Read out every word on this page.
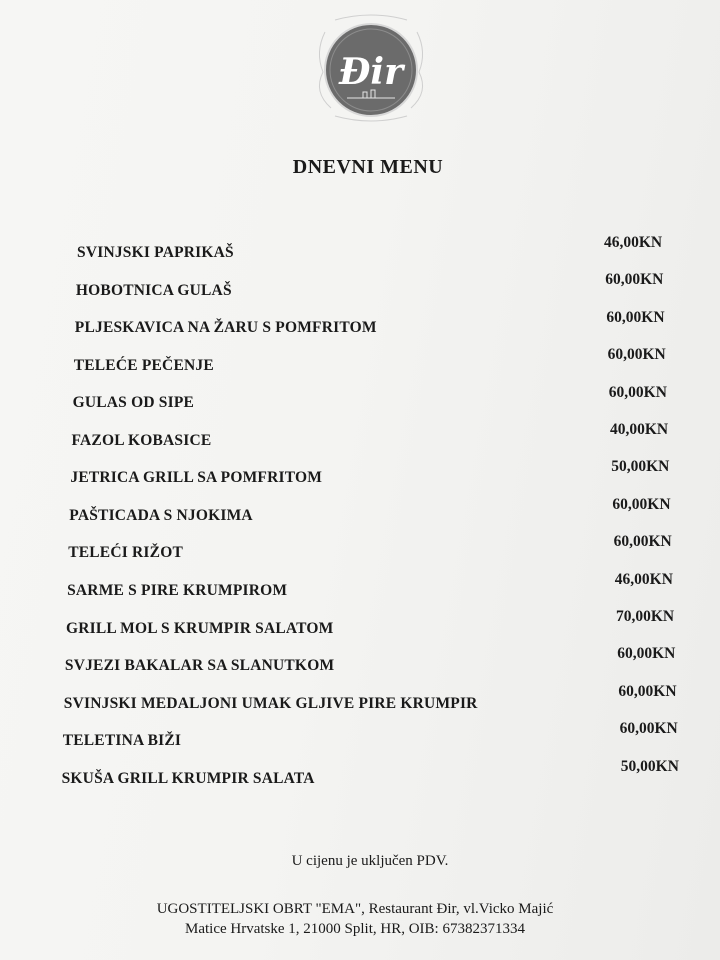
Đir
DNEVNI MENU
SVINJSKI PAPRIKAŠ
46,00KN
HOBOTNICA GULAŠ
60,00KN
PLJESKAVICA NA ŽARU S POMFRITOM
60,00KN
TELEĆE PEČENJE
60,00KN
GULAS OD SIPE
60,00KN
FAZOL KOBASICE
40,00KN
JETRICA GRILL SA POMFRITOM
50,00KN
PAŠTICADA S NJOKIMA
60,00KN
TELEĆI RIŽOT
60,00KN
SARME S PIRE KRUMPIROM
46,00KN
GRILL MOL S KRUMPIR SALATOM
70,00KN
SVJEZI BAKALAR SA SLANUTKOM
60,00KN
SVINJSKI MEDALJONI UMAK GLJIVE PIRE KRUMPIR
60,00KN
TELETINA BIŽI
60,00KN
SKUŠA GRILL KRUMPIR SALATA
50,00KN
U cijenu je uključen PDV.
UGOSTITELJSKI OBRT "EMA", Restaurant Đir, vl.Vicko Majić
Matice Hrvatske 1, 21000 Split, HR, OIB: 67382371334
